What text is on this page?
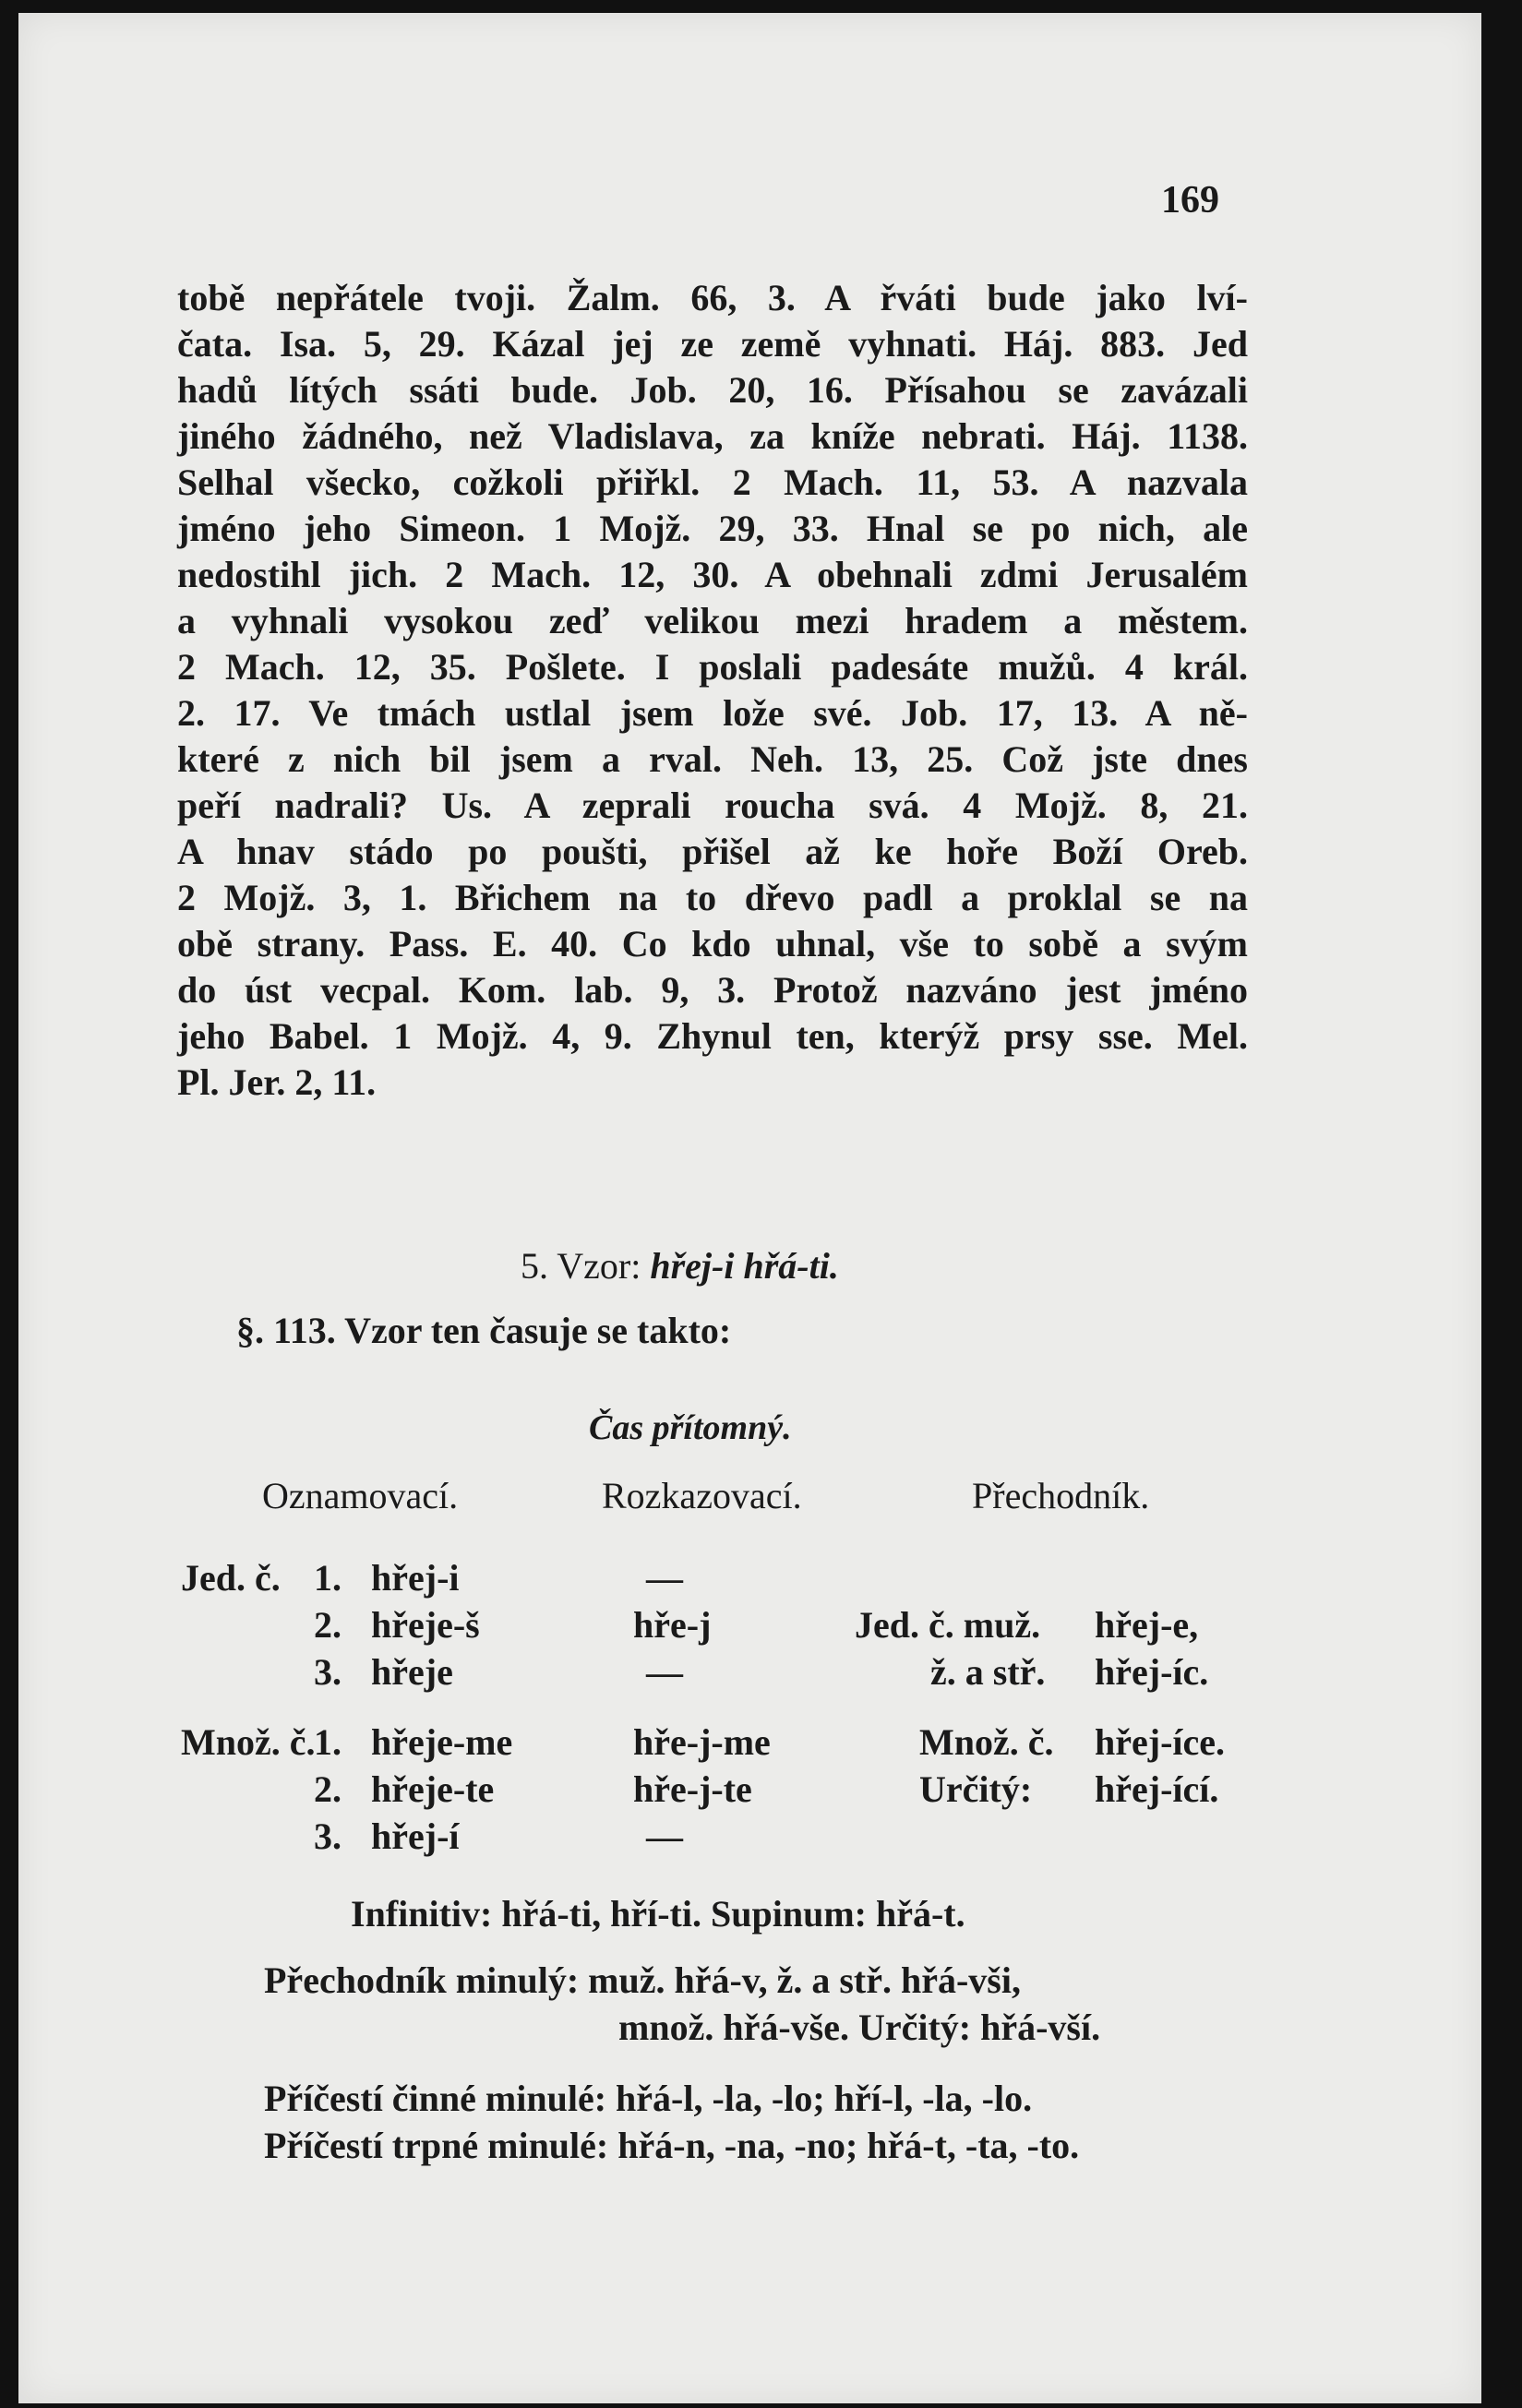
169
tobě nepřátele tvoji. Žalm. 66, 3. A řváti bude jako lví-
čata. Isa. 5, 29. Kázal jej ze země vyhnati. Háj. 883. Jed
hadů lítých ssáti bude. Job. 20, 16. Přísahou se zavázali
jiného žádného, než Vladislava, za knížе nebrati. Háj. 1138.
Selhal všecko, cožkoli přiřkl. 2 Mach. 11, 53. A nazvala
jméno jeho Simeon. 1 Mojž. 29, 33. Hnal se po nich, ale
nedostihl jich. 2 Mach. 12, 30. A obehnali zdmi Jerusalém
a vyhnali vysokou zeď velikou mezi hradem a městem.
2 Mach. 12, 35. Pošlete. I poslali padesáte mužů. 4 král.
2. 17. Ve tmách ustlal jsem lože své. Job. 17, 13. A ně-
které z nich bil jsem a rval. Neh. 13, 25. Což jste dnes
peří nadrali? Us. A zeprali roucha svá. 4 Mojž. 8, 21.
A hnav stádo po poušti, přišel až ke hoře Boží Oreb.
2 Mojž. 3, 1. Břichem na to dřevo padl a proklal se na
obě strany. Pass. E. 40. Co kdo uhnal, vše to sobě a svým
do úst vecpal. Kom. lab. 9, 3. Protož nazváno jest jméno
jeho Babel. 1 Mojž. 4, 9. Zhynul ten, kterýž prsy sse. Mel.
Pl. Jer. 2, 11.
5. Vzor: hřej-i hřá-ti.
§. 113. Vzor ten časuje se takto:
Čas přítomný.
Oznamovací.	Rozkazovací.	Přechodník.
Jed. č. 1. hřej-i	—
2. hřeje-š	hře-j	Jed. č. muž. hřej-e,
3. hřeje	—	ž. a stř. hřej-íc.
Množ. č.
1. hřeje-me	hře-j-me	Množ. č. hřej-íce.
2. hřeje-te	hře-j-te	Určitý: hřej-ící.
3. hřej-í	—
Infinitiv: hřá-ti, hří-ti. Supinum: hřá-t.
Přechodník minulý: muž. hřá-v, ž. a stř. hřá-vši,
množ. hřá-vše. Určitý: hřá-vší.
Příčestí činné minulé: hřá-l, -la, -lo; hří-l, -la, -lo.
Příčestí trpné minulé: hřá-n, -na, -no; hřá-t, -ta, -to.
